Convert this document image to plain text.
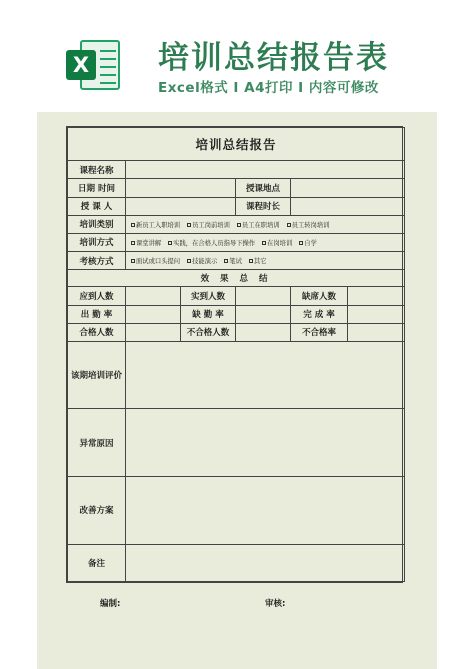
X 培训总结报告表
Excel格式 I A4打印 I 内容可修改
培训总结报告					
课程名称					
日期 时间			授课地点		
授 课 人			课程时长		
培训类别	新员工入职培训 员工岗前培训 员工在职培训 员工转岗培训				
培训方式	课堂讲解 实践，在合格人员指导下操作 在岗培训 自学				
考核方式	面试或口头提问 技能演示 笔试 其它				
效 果 总 结					
应到人数		实到人数		缺席人数	
出 勤 率		缺 勤 率		完 成 率	
合格人数		不合格人数		不合格率	
该期培训评价					
异常原因					
改善方案					
备注					
编制:	审核:
